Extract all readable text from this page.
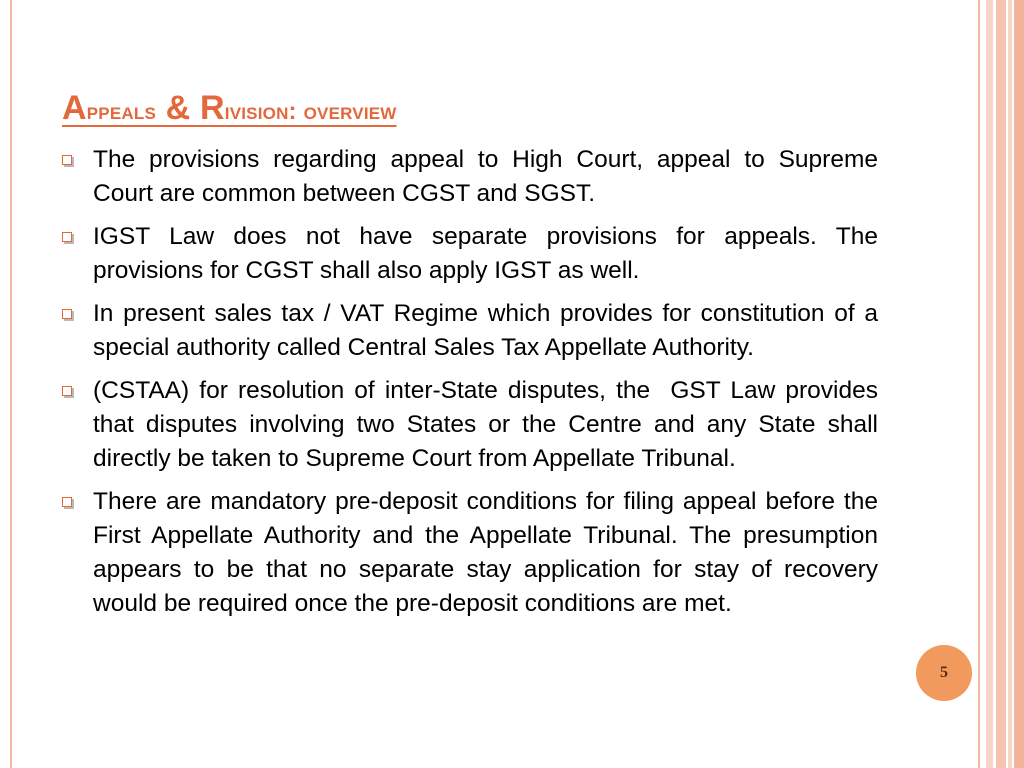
Appeals & Rivision: overview
The provisions regarding appeal to High Court, appeal to Supreme Court are common between CGST and SGST.
IGST Law does not have separate provisions for appeals. The provisions for CGST shall also apply IGST as well.
In present sales tax / VAT Regime which provides for constitution of a special authority called Central Sales Tax Appellate Authority.
(CSTAA) for resolution of inter-State disputes, the  GST Law provides that disputes involving two States or the Centre and any State shall directly be taken to Supreme Court from Appellate Tribunal.
There are mandatory pre-deposit conditions for filing appeal before the First Appellate Authority and the Appellate Tribunal. The presumption appears to be that no separate stay application for stay of recovery would be required once the pre-deposit conditions are met.
5
